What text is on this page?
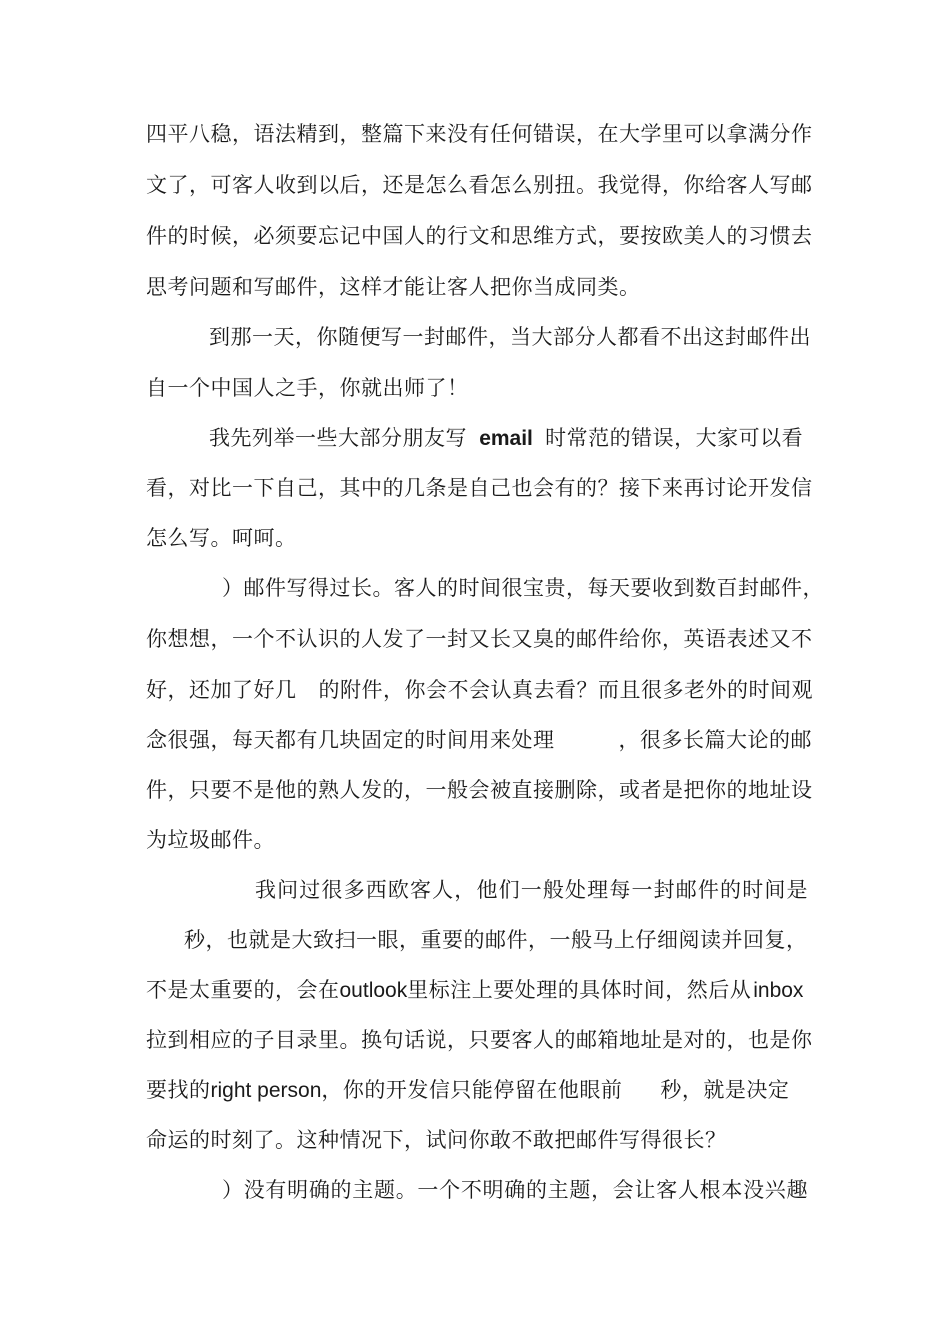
四平八稳，语法精到，整篇下来没有任何错误，在大学里可以拿满分作
文了，可客人收到以后，还是怎么看怎么别扭。我觉得，你给客人写邮
件的时候，必须要忘记中国人的行文和思维方式，要按欧美人的习惯去
思考问题和写邮件，这样才能让客人把你当成同类。
到那一天，你随便写一封邮件，当大部分人都看不出这封邮件出
自一个中国人之手，你就出师了！
我先列举一些大部分朋友写 email 时常范的错误，大家可以看
看，对比一下自己，其中的几条是自己也会有的？接下来再讨论开发信
怎么写。呵呵。
）邮件写得过长。客人的时间很宝贵，每天要收到数百封邮件，
你想想，一个不认识的人发了一封又长又臭的邮件给你，英语表述又不
好，还加了好几 的附件，你会不会认真去看？而且很多老外的时间观
念很强，每天都有几块固定的时间用来处理	，很多长篇大论的邮
件，只要不是他的熟人发的，一般会被直接删除，或者是把你的地址设
为垃圾邮件。
我问过很多西欧客人，他们一般处理每一封邮件的时间是
秒，也就是大致扫一眼，重要的邮件，一般马上仔细阅读并回复，
不是太重要的，会在outlook里标注上要处理的具体时间，然后从inbox
拉到相应的子目录里。换句话说，只要客人的邮箱地址是对的，也是你
要找的right person，你的开发信只能停留在他眼前 秒，就是决定
命运的时刻了。这种情况下，试问你敢不敢把邮件写得很长？
）没有明确的主题。一个不明确的主题，会让客人根本没兴趣
